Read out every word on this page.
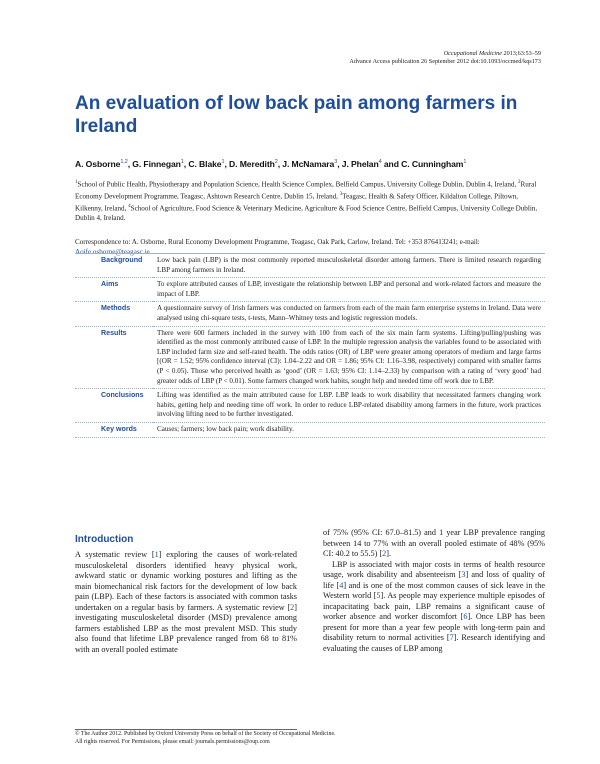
Occupational Medicine 2013;63:53–59
Advance Access publication 26 September 2012 doi:10.1093/occmed/kqs173
An evaluation of low back pain among farmers in Ireland
A. Osborne$^{1,2}$, G. Finnegan$^1$, C. Blake$^1$, D. Meredith$^2$, J. McNamara$^3$, J. Phelan$^4$ and C. Cunningham$^1$
$^1$School of Public Health, Physiotherapy and Population Science, Health Science Complex, Belfield Campus, University College Dublin, Dublin 4, Ireland, $^2$Rural Economy Development Programme, Teagasc, Ashtown Research Centre, Dublin 15, Ireland, $^3$Teagasc, Health & Safety Officer, Kildalton College, Piltown, Kilkenny, Ireland, $^4$School of Agriculture, Food Science & Veterinary Medicine, Agriculture & Food Science Centre, Belfield Campus, University College Dublin, Dublin 4, Ireland.
Correspondence to: A. Osborne, Rural Economy Development Programme, Teagasc, Oak Park, Carlow, Ireland. Tel: +353 876413241; e-mail: Aoife.osborne@teagasc.ie
Background	Low back pain (LBP) is the most commonly reported musculoskeletal disorder among farmers. There is limited research regarding LBP among farmers in Ireland.
Aims	To explore attributed causes of LBP, investigate the relationship between LBP and personal and work-related factors and measure the impact of LBP.
Methods	A questionnaire survey of Irish farmers was conducted on farmers from each of the main farm enterprise systems in Ireland. Data were analysed using chi-square tests, t-tests, Mann–Whitney tests and logistic regression models.
Results	There were 600 farmers included in the survey with 100 from each of the six main farm systems. Lifting/pulling/pushing was identified as the most commonly attributed cause of LBP. In the multiple regression analysis the variables found to be associated with LBP included farm size and self-rated health. The odds ratios (OR) of LBP were greater among operators of medium and large farms [(OR = 1.52; 95% confidence interval (CI): 1.04–2.22 and OR = 1.86; 95% CI: 1.16–3.98, respectively) compared with smaller farms (P < 0.05). Those who perceived health as ‘good’ (OR = 1.63; 95% CI: 1.14–2.33) by comparison with a rating of ‘very good’ had greater odds of LBP (P < 0.01). Some farmers changed work habits, sought help and needed time off work due to LBP.
Conclusions	Lifting was identified as the main attributed cause for LBP. LBP leads to work disability that necessitated farmers changing work habits, getting help and needing time off work. In order to reduce LBP-related disability among farmers in the future, work practices involving lifting need to be further investigated.
Key words	Causes; farmers; low back pain; work disability.
Introduction

A systematic review [1] exploring the causes of work-related musculoskeletal disorders identified heavy physical work, awkward static or dynamic working postures and lifting as the main biomechanical risk factors for the development of low back pain (LBP). Each of these factors is associated with common tasks undertaken on a regular basis by farmers. A systematic review [2] investigating musculoskeletal disorder (MSD) prevalence among farmers established LBP as the most prevalent MSD. This study also found that lifetime LBP prevalence ranged from 68 to 81% with an overall pooled estimate

of 75% (95% CI: 67.0–81.5) and 1 year LBP prevalence ranging between 14 to 77% with an overall pooled estimate of 48% (95% CI: 40.2 to 55.5) [2].

LBP is associated with major costs in terms of health resource usage, work disability and absenteeism [3] and loss of quality of life [4] and is one of the most common causes of sick leave in the Western world [5]. As people may experience multiple episodes of incapacitating back pain, LBP remains a significant cause of worker absence and worker discomfort [6]. Once LBP has been present for more than a year few people with long-term pain and disability return to normal activities [7]. Research identifying and evaluating the causes of LBP among

© The Author 2012. Published by Oxford University Press on behalf of the Society of Occupational Medicine.
All rights reserved. For Permissions, please email: journals.permissions@oup.com
